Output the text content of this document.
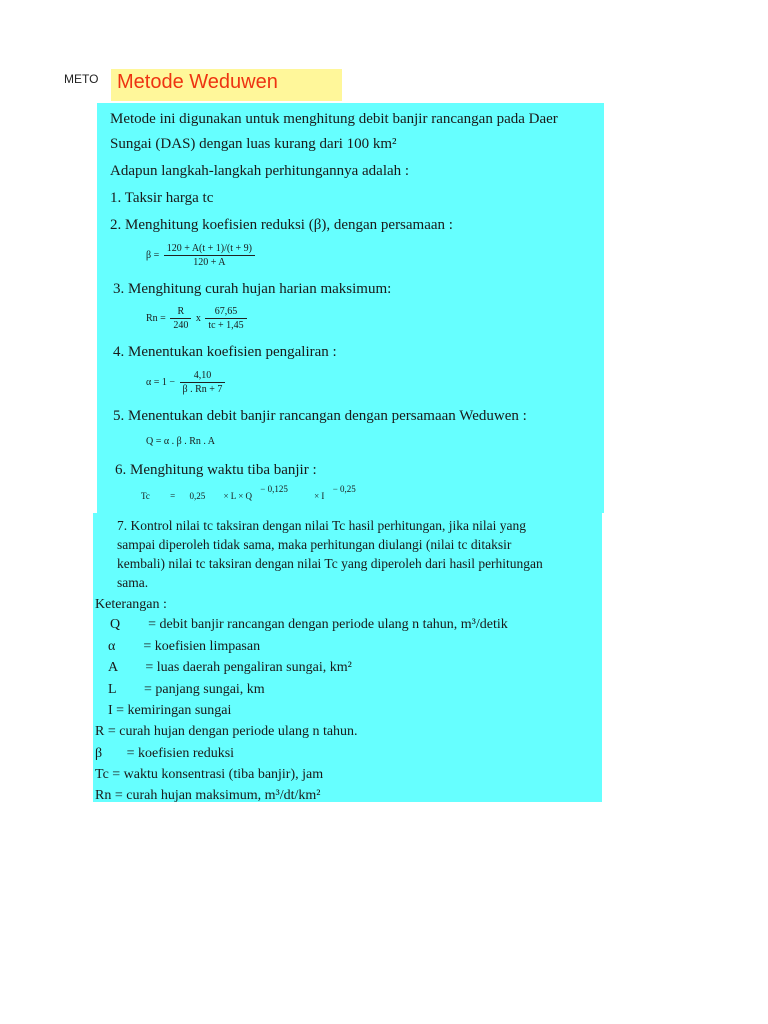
METO Metode Weduwen
Metode ini digunakan untuk menghitung debit banjir rancangan pada Daer
Sungai (DAS) dengan luas kurang dari 100 km²
Adapun langkah-langkah perhitungannya adalah :
1. Taksir harga tc
2. Menghitung koefisien reduksi (β), dengan persamaan :
$\beta = \frac{120 + A(t + 1)/(t + 9)}{120 + A}$
3. Menghitung curah hujan harian maksimum:
$Rn = \frac{R}{240}$ x $\frac{67,65}{tc + 1,45}$
4. Menentukan koefisien pengaliran :
$\alpha = 1 - \frac{4,10}{\beta . Rn + 7}$
5. Menentukan debit banjir rancangan dengan persamaan Weduwen :
Q = α . β . Rn . A
6. Menghitung waktu tiba banjir :
Tc = 0,25 × L × Q − 0,125 × I − 0,25
7. Kontrol nilai tc taksiran dengan nilai Tc hasil perhitungan, jika nilai yang
sampai diperoleh tidak sama, maka perhitungan diulangi (nilai tc ditaksir
kembali) nilai tc taksiran dengan nilai Tc yang diperoleh dari hasil perhitungan
sama.
Keterangan :
Q        = debit banjir rancangan dengan periode ulang n tahun, m³/detik
α        = koefisien limpasan
A        = luas daerah pengaliran sungai, km²
L        = panjang sungai, km
I = kemiringan sungai
R = curah hujan dengan periode ulang n tahun.
β       = koefisien reduksi
Tc = waktu konsentrasi (tiba banjir), jam
Rn = curah hujan maksimum, m³/dt/km²
